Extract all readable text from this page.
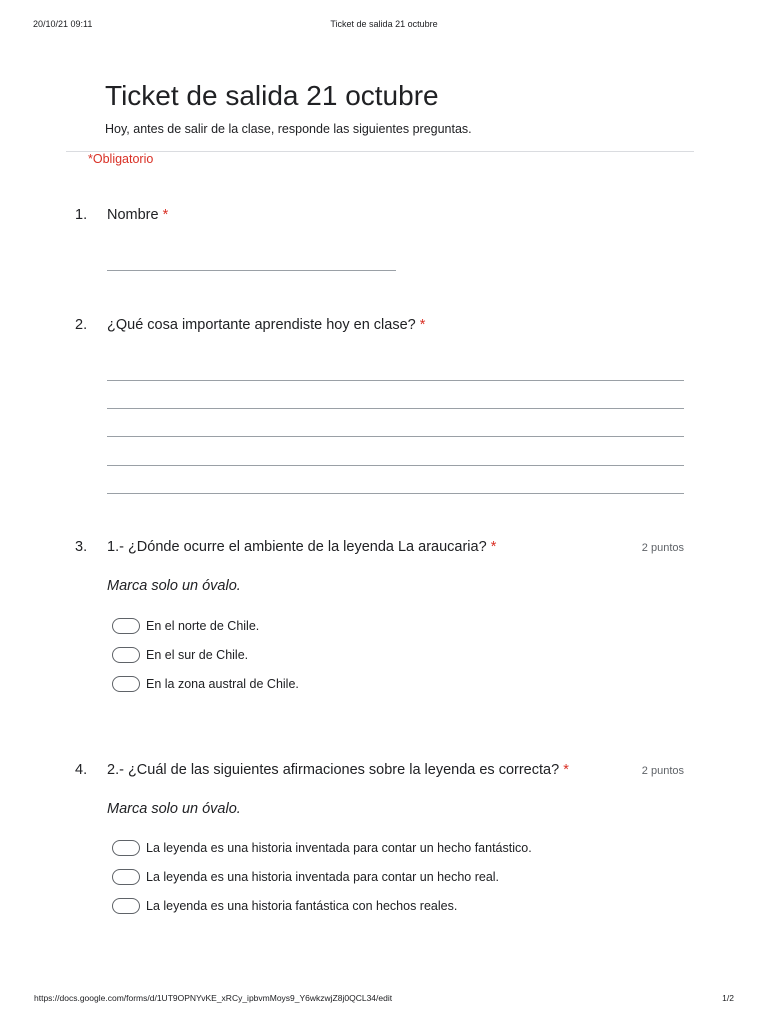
20/10/21 09:11	Ticket de salida 21 octubre
Ticket de salida 21 octubre
Hoy, antes de salir de la clase, responde las siguientes preguntas.
*Obligatorio
1. Nombre *
2. ¿Qué cosa importante aprendiste hoy en clase? *
3. 1.- ¿Dónde ocurre el ambiente de la leyenda La araucaria? *	2 puntos
Marca solo un óvalo.
En el norte de Chile.
En el sur de Chile.
En la zona austral de Chile.
4. 2.- ¿Cuál de las siguientes afirmaciones sobre la leyenda es correcta? *	2 puntos
Marca solo un óvalo.
La leyenda es una historia inventada para contar un hecho fantástico.
La leyenda es una historia inventada para contar un hecho real.
La leyenda es una historia fantástica con hechos reales.
https://docs.google.com/forms/d/1UT9OPNYvKE_xRCy_ipbvmMoys9_Y6wkzwjZ8j0QCL34/edit	1/2
